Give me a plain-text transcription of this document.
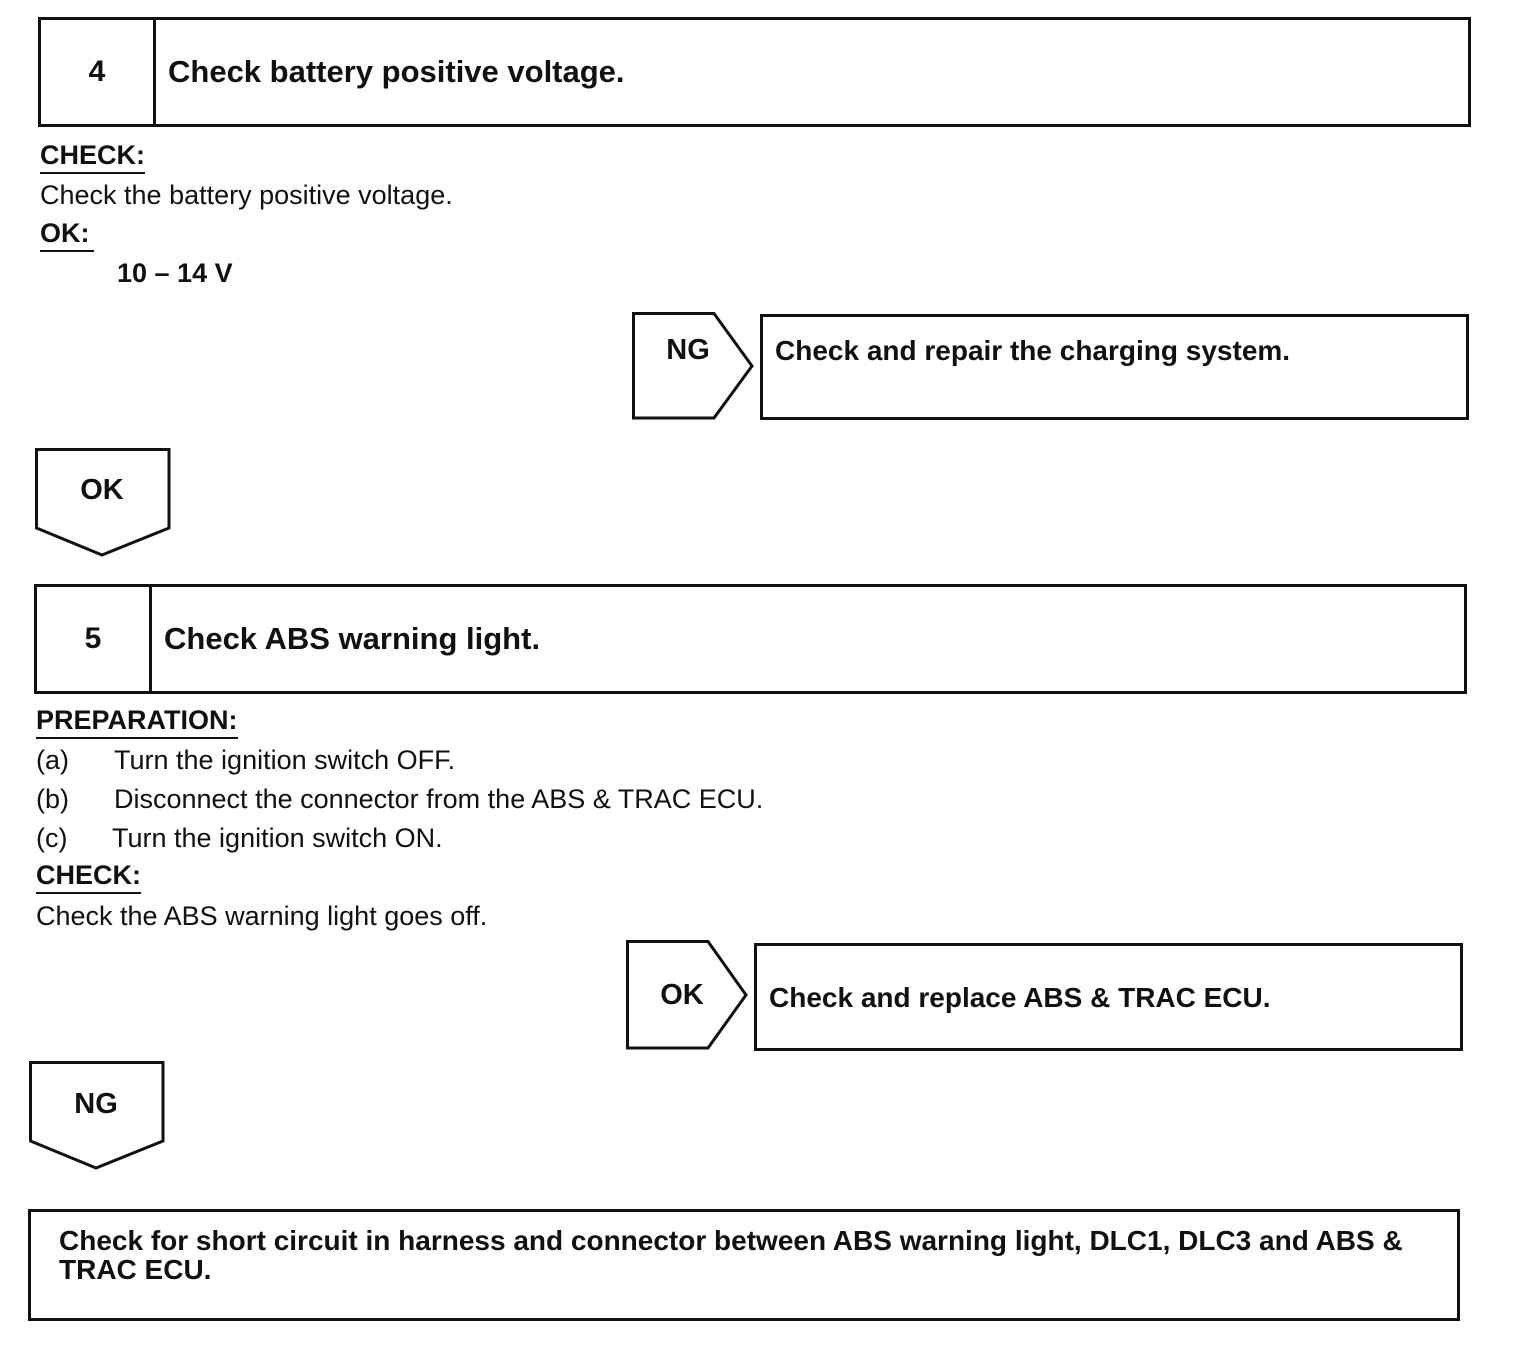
4	Check battery positive voltage.
CHECK:
Check the battery positive voltage.
OK:
10 – 14 V
NG	Check and repair the charging system.
OK
5	Check ABS warning light.
PREPARATION:
(a) Turn the ignition switch OFF.
(b) Disconnect the connector from the ABS & TRAC ECU.
(c) Turn the ignition switch ON.
CHECK:
Check the ABS warning light goes off.
OK	Check and replace ABS & TRAC ECU.
NG
Check for short circuit in harness and connector between ABS warning light, DLC1, DLC3 and ABS & TRAC ECU.
